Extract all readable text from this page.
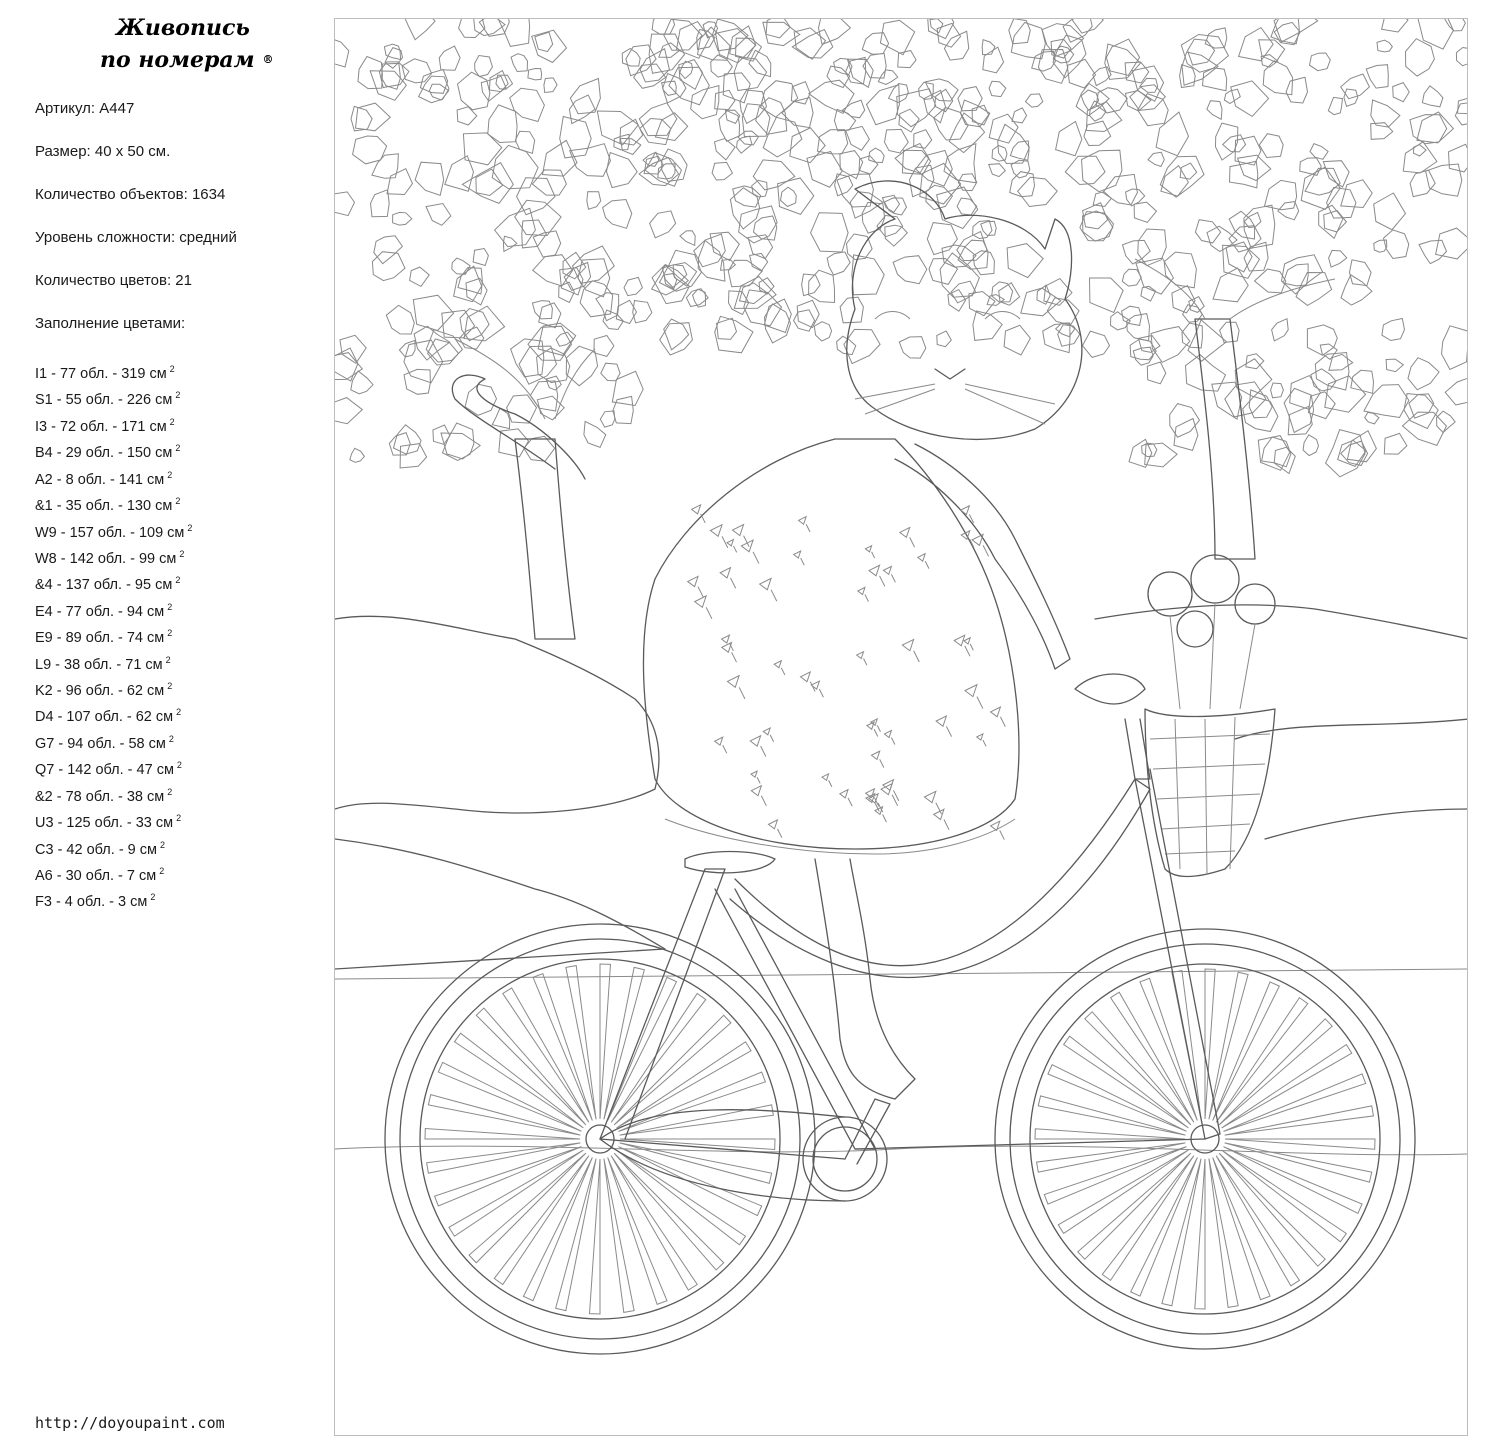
Живопись
по номерам ®
Артикул: А447
Размер: 40 x 50 см.
Количество объектов: 1634
Уровень сложности: средний
Количество цветов: 21
Заполнение цветами:
I1 - 77 обл. - 319 см $^2$
S1 - 55 обл. - 226 см $^2$
I3 - 72 обл. - 171 см $^2$
B4 - 29 обл. - 150 см $^2$
A2 - 8 обл. - 141 см $^2$
&1 - 35 обл. - 130 см $^2$
W9 - 157 обл. - 109 см $^2$
W8 - 142 обл. - 99 см $^2$
&4 - 137 обл. - 95 см $^2$
E4 - 77 обл. - 94 см $^2$
E9 - 89 обл. - 74 см $^2$
L9 - 38 обл. - 71 см $^2$
K2 - 96 обл. - 62 см $^2$
D4 - 107 обл. - 62 см $^2$
G7 - 94 обл. - 58 см $^2$
Q7 - 142 обл. - 47 см $^2$
&2 - 78 обл. - 38 см $^2$
U3 - 125 обл. - 33 см $^2$
C3 - 42 обл. - 9 см $^2$
A6 - 30 обл. - 7 см $^2$
F3 - 4 обл. - 3 см $^2$
http://doyoupaint.com
